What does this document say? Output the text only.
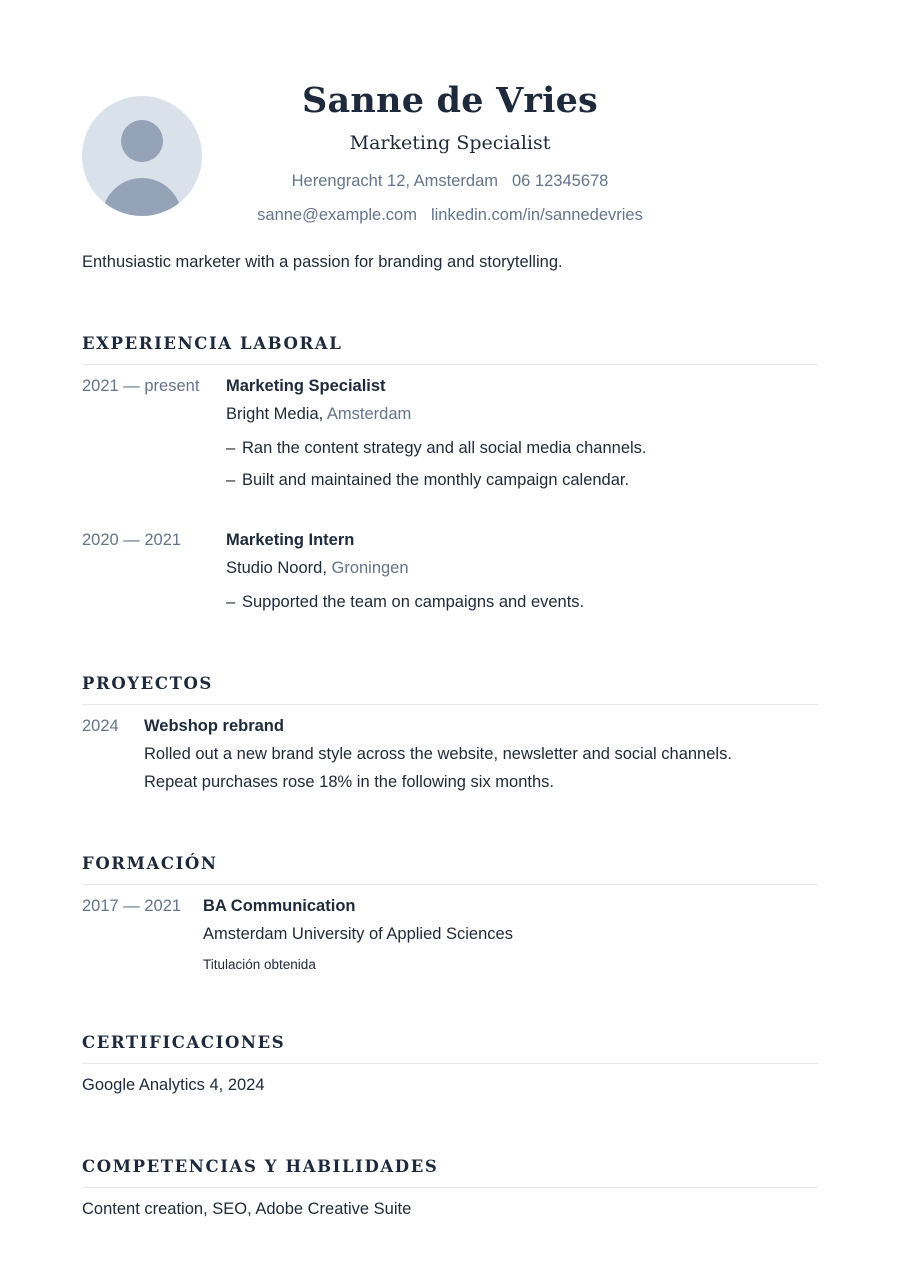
Sanne de Vries
Marketing Specialist
Herengracht 12, Amsterdam 06 12345678
sanne@example.com linkedin.com/in/sannedevries
Enthusiastic marketer with a passion for branding and storytelling.
EXPERIENCIA LABORAL
2021 — present Marketing Specialist
Bright Media, Amsterdam
– Ran the content strategy and all social media channels.
– Built and maintained the monthly campaign calendar.
2020 — 2021	Marketing Intern
Studio Noord, Groningen
– Supported the team on campaigns and events.
PROYECTOS
2024 Webshop rebrand
Rolled out a new brand style across the website, newsletter and social channels.
Repeat purchases rose 18% in the following six months.
FORMACIÓN
2017 — 2021 BA Communication
Amsterdam University of Applied Sciences
Titulación obtenida
CERTIFICACIONES
Google Analytics 4, 2024
COMPETENCIAS Y HABILIDADES
Content creation, SEO, Adobe Creative Suite
